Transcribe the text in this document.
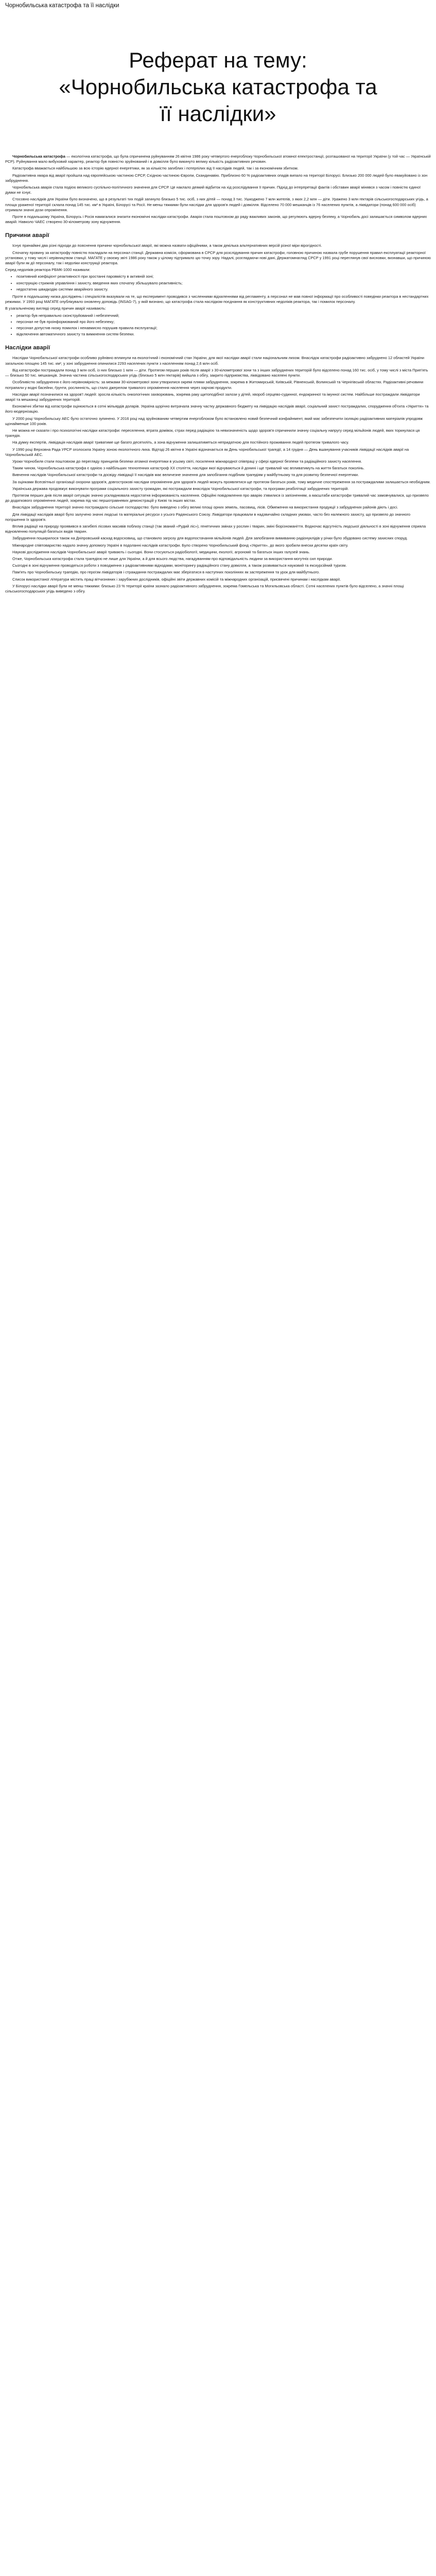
Чорнобильська катастрофа та її наслідки
Реферат на тему:
«Чорнобильська катастрофа та
її наслідки»

Чорнобильська катастрофа — екологічна катастрофа, що була спричинена руйнуванням 26 квітня 1986 року четвертого енергоблоку Чорнобильської атомної електростанції, розташованої на території України (у той час — Українській РСР). Руйнування мало вибуховий характер, реактор був повністю зруйнований і в довкілля було викинуто велику кількість радіоактивних речовин.

Катастрофа вважається найбільшою за всю історію ядерної енергетики, як за кількістю загиблих і потерпілих від її наслідків людей, так і за економічним збитком.

Радіоактивна хмара від аварії пройшла над європейською частиною СРСР, Східною частиною Європи, Скандинавію. Приблизно 60 % радіоактивних опадів випало на території Білорусі. Близько 200 000 людей було евакуйовано із зон забруднення.

Чорнобильська аварія стала подією великого суспільно-політичного значення для СРСР. Це наклало деякий відбиток на хід розслідування її причин. Підхід до інтерпретації фактів і обставин аварії мінявся з часом і повністю єдиної думки не існує.

Стосовно наслідків для України було визначено, що в результаті тих подій загинуло близько 5 тис. осіб, з них дітей — понад 3 тис. Ушкоджено 7 млн жителів, з яких 2,2 млн — діти. Уражено 3 млн гектарів сільськогосподарських угідь, а площа ураженої території склала понад 145 тис. км² в Україні, Білорусі та Росії. Не менш тяжкими були наслідки для здоров'я людей і довкілля. Відселено 70 000 мешканців із 76 населених пунктів, а ліквідатори (понад 600 000 осіб) отримали значні дози опромінення.

Проте в подальшому Україна, Білорусь і Росія намагалися знизити економічні наслідки катастрофи. Аварія стала поштовхом до ряду важливих законів, що регулюють ядерну безпеку, а Чорнобиль досі залишається символом ядерних аварій. Навколо ЧАЕС створено 30-кілометрову зону відчуження.

Причини аварії

Існує принаймні два різні підходи до пояснення причини чорнобильської аварії, які можна назвати офіційними, а також декілька альтернативних версій різної міри вірогідності.

Спочатку провину за катастрофу повністю покладали на персонал станції. Державна комісія, сформована в СРСР для розслідування причин катастрофи, головною причиною назвала грубе порушення правил експлуатації реакторної установки, у тому числі і керівництвом станції. МАГАТЕ у своєму звіті 1986 року також у цілому підтримало цю точку зору. Надалі, розглядаючи нові дані, Держатомнагляд СРСР у 1991 році переглянув свої висновки, визнавши, що причиною аварії були як дії персоналу, так і недоліки конструкції реактора.

Серед недоліків реактора РБМК-1000 називали:

• позитивний коефіцієнт реактивності при зростанні паровмісту в активній зоні;
• конструкцію стрижнів управління і захисту, введення яких спочатку збільшувало реактивність;
• недостатню швидкодію системи аварійного захисту.

Проте в подальшому низка досліджень і спеціалістів вказували на те, що експеримент проводився з численними відхиленнями від регламенту, а персонал не мав повної інформації про особливості поведінки реактора в нестандартних режимах. У 1993 році МАГАТЕ опублікувало оновлену доповідь (INSAG-7), у якій визнано, що катастрофа стала наслідком поєднання як конструктивних недоліків реактора, так і помилок персоналу.

В узагальненому вигляді серед причин аварії називають:

• реактор був неправильно сконструйований і небезпечний;
• персонал не був проінформований про його небезпеку;
• персонал допустив низку помилок і ненавмисно порушив правила експлуатації;
• відключення автоматичного захисту та вимкнення систем безпеки.
Наслідки аварії

Наслідки Чорнобильської катастрофи особливо руйнівно вплинули на екологічний і економічний стан України, для якої наслідки аварії стали національним лихом. Внаслідок катастрофи радіоактивно забруднено 12 областей України загальною площею 145 тис. км², у зоні забруднення опинилися 2293 населених пункти з населенням понад 2,6 млн осіб.

Від катастрофи постраждали понад 3 млн осіб, із них близько 1 млн — діти. Протягом перших років після аварії з 30-кілометрової зони та з інших забруднених територій було відселено понад 160 тис. осіб, у тому числі з міста Прип'ять — близько 50 тис. мешканців. Значна частина сільськогосподарських угідь (близько 5 млн гектарів) вийшла з обігу, закрито підприємства, ліквідовано населені пункти.

Особливістю забруднення є його нерівномірність: за межами 30-кілометрової зони утворилися окремі плями забруднення, зокрема в Житомирській, Київській, Рівненській, Волинській та Чернігівській областях. Радіоактивні речовини потрапили у водні басейни, ґрунти, рослинність, що стало джерелом тривалого опромінення населення через харчові продукти.

Наслідки аварії позначилися на здоров'ї людей: зросла кількість онкологічних захворювань, зокрема раку щитоподібної залози у дітей, хвороб серцево-судинної, ендокринної та імунної систем. Найбільше постраждали ліквідатори аварії та мешканці забруднених територій.

Економічні збитки від катастрофи оцінюються в сотні мільярдів доларів. Україна щорічно витрачала значну частку державного бюджету на ліквідацію наслідків аварії, соціальний захист постраждалих, спорудження об'єкта «Укриття» та його модернізацію.

У 2000 році Чорнобильську АЕС було остаточно зупинено. У 2016 році над зруйнованим четвертим енергоблоком було встановлено новий безпечний конфайнмент, який має забезпечити ізоляцію радіоактивних матеріалів упродовж щонайменше 100 років.

Не можна не сказати і про психологічні наслідки катастрофи: переселення, втрата домівок, страх перед радіацією та невизначеність щодо здоров'я спричинили значну соціальну напругу серед мільйонів людей, яких торкнулася ця трагедія.

На думку експертів, ліквідація наслідків аварії триватиме ще багато десятиліть, а зона відчуження залишатиметься непридатною для постійного проживання людей протягом тривалого часу.

У 1990 році Верховна Рада УРСР оголосила Україну зоною екологічного лиха. Відтоді 26 квітня в Україні відзначається як День чорнобильської трагедії, а 14 грудня — День вшанування учасників ліквідації наслідків аварії на Чорнобильській АЕС.

Уроки Чорнобиля стали поштовхом до перегляду принципів безпеки атомної енергетики в усьому світі, посилення міжнародної співпраці у сфері ядерної безпеки та радіаційного захисту населення.

Таким чином, Чорнобильська катастрофа є однією з найбільших техногенних катастроф ХХ століття, наслідки якої відчуваються й донині і ще тривалий час впливатимуть на життя багатьох поколінь.

Вивчення наслідків Чорнобильської катастрофи та досвіду ліквідації її наслідків має величезне значення для запобігання подібним трагедіям у майбутньому та для розвитку безпечної енергетики.

За оцінками Всесвітньої організації охорони здоров'я, довгострокові наслідки опромінення для здоров'я людей можуть проявлятися ще протягом багатьох років, тому медичне спостереження за постраждалими залишається необхідним.

Українська держава продовжує виконувати програми соціального захисту громадян, які постраждали внаслідок Чорнобильської катастрофи, та програми реабілітації забруднених територій.

Протягом перших днів після аварії ситуацію значно ускладнювала недостатня інформованість населення. Офіційні повідомлення про аварію з'явилися із запізненням, а масштаби катастрофи тривалий час замовчувалися, що призвело до додаткового опромінення людей, зокрема під час першотравневих демонстрацій у Києві та інших містах.

Внаслідок забруднення території значно постраждало сільське господарство: було виведено з обігу великі площі орних земель, пасовищ, лісів. Обмеження на використання продукції з забруднених районів діють і досі.

Для ліквідації наслідків аварії було залучено значні людські та матеріальні ресурси з усього Радянського Союзу. Ліквідатори працювали в надзвичайно складних умовах, часто без належного захисту, що призвело до значного погіршення їх здоров'я.

Вплив радіації на природу проявився в загибелі лісових масивів поблизу станції (так званий «Рудий ліс»), генетичних змінах у рослин і тварин, зміні біорізноманіття. Водночас відсутність людської діяльності в зоні відчуження сприяла відновленню популяцій багатьох видів тварин.

Забруднення поширилося також на Дніпровський каскад водосховищ, що становило загрозу для водопостачання мільйонів людей. Для запобігання вимиванню радіонуклідів у річки було збудовано систему захисних споруд.

Міжнародне співтовариство надало значну допомогу Україні в подоланні наслідків катастрофи. Було створено Чорнобильський фонд «Укриття», до якого зробили внески десятки країн світу.

Наукові дослідження наслідків Чорнобильської аварії тривають і сьогодні. Вони стосуються радіобіології, медицини, екології, агрономії та багатьох інших галузей знань.

Отже, Чорнобильська катастрофа стала трагедією не лише для України, а й для всього людства, нагадуванням про відповідальність людини за використання могутніх сил природи.

Сьогодні в зоні відчуження проводяться роботи з поводження з радіоактивними відходами, моніторингу радіаційного стану довкілля, а також розвивається науковий та екскурсійний туризм.

Пам'ять про Чорнобильську трагедію, про героїзм ліквідаторів і страждання постраждалих має зберігатися в наступних поколіннях як застереження та урок для майбутнього.

Список використаної літератури містить праці вітчизняних і зарубіжних дослідників, офіційні звіти державних комісій та міжнародних організацій, присвячені причинам і наслідкам аварії.

У Білорусі наслідки аварії були не менш тяжкими: близько 23 % території країни зазнало радіоактивного забруднення, зокрема Гомельська та Могильовська області. Сотні населених пунктів було відселено, а значні площі сільськогосподарських угідь виведено з обігу.
